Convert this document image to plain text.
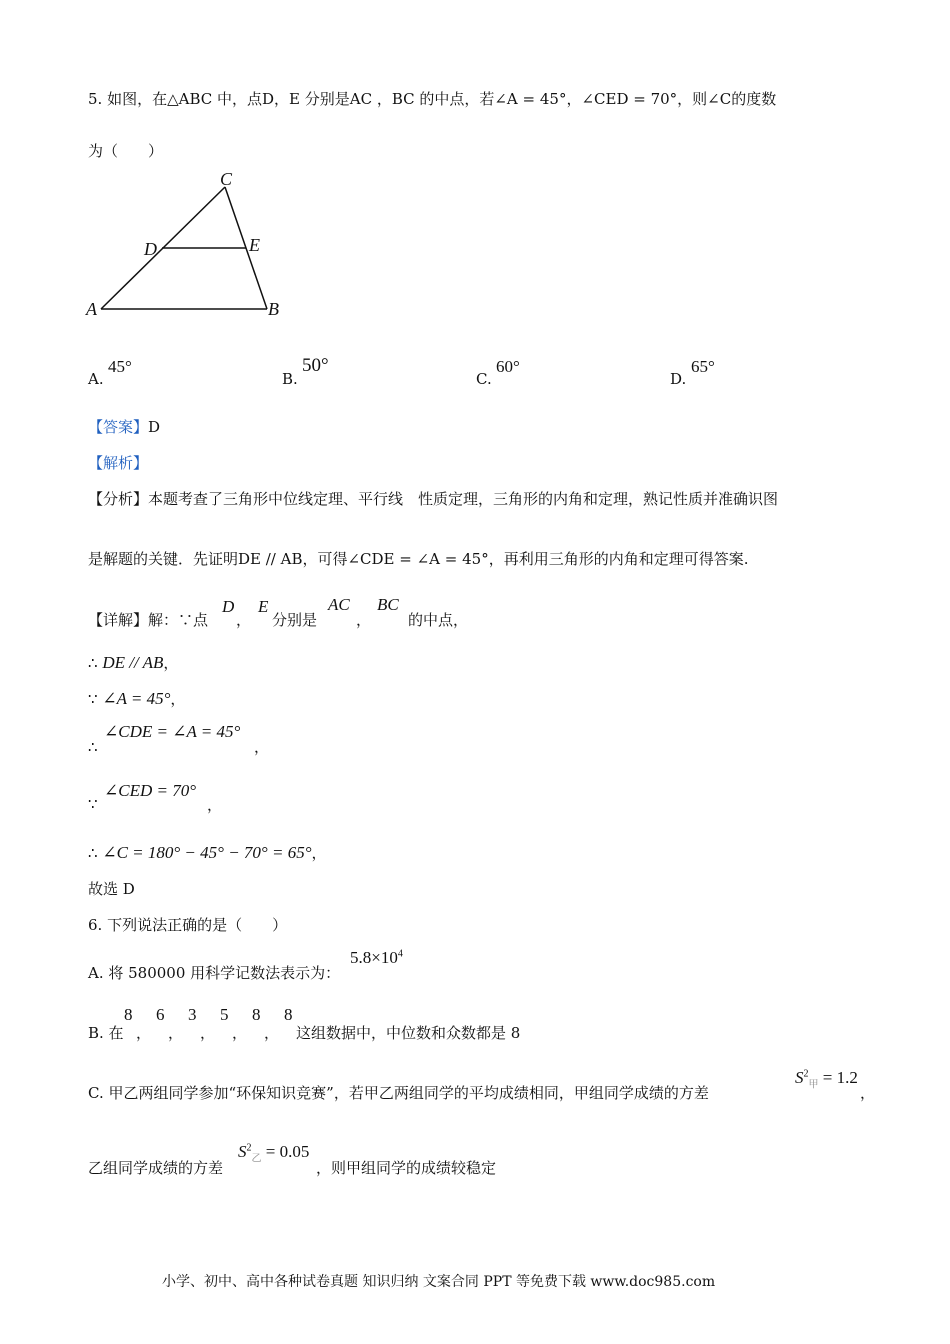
5. 如图，在△ABC 中，点D，E 分别是AC ，BC 的中点，若∠A = 45°，∠CED = 70°，则∠C的度数
为（　　）
C
D	E
A	B
A.
45°
B.
50°
C.
60°
D.
65°
【答案】D
【解析】
【分析】本题考查了三角形中位线定理、平行线　性质定理，三角形的内角和定理，熟记性质并准确识图
是解题的关键．先证明DE // AB，可得∠CDE = ∠A = 45°，再利用三角形的内角和定理可得答案.
【详解】解：∵点
D
，
E
分别是
AC
，
BC
的中点，
∴ DE // AB，
∵ ∠A = 45°，
∴
∠CDE = ∠A = 45°
，
∵
∠CED = 70°
，
∴ ∠C = 180° − 45° − 70° = 65°，
故选 D
6. 下列说法正确的是（　　）
A. 将 580000 用科学记数法表示为：
$5.8\times 10^4$
B. 在
8
，
6
，
3
，
5
，
8
，
8
这组数据中，中位数和众数都是 8
C. 甲乙两组同学参加“环保知识竞赛”，若甲乙两组同学的平均成绩相同，甲组同学成绩的方差
$S^2_甲 = 1.2$
，
乙组同学成绩的方差
$S^2_乙 = 0.05$
，则甲组同学的成绩较稳定
小学、初中、高中各种试卷真题 知识归纳 文案合同 PPT 等免费下载 www.doc985.com
